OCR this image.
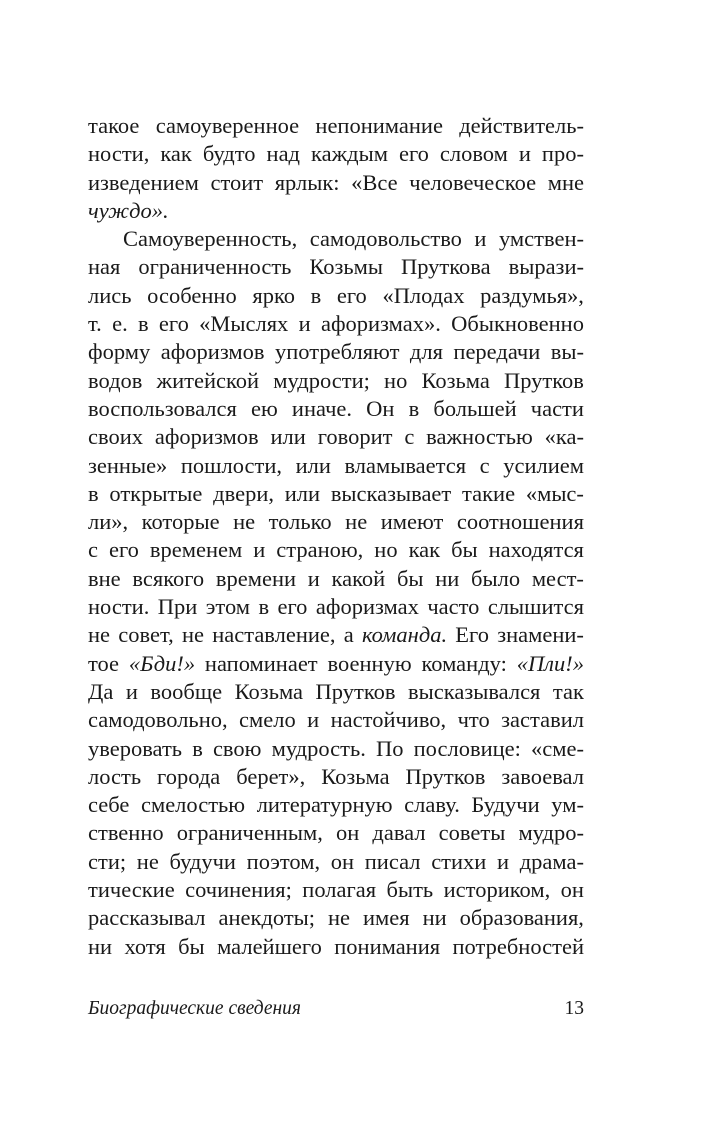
такое самоуверенное непонимание действитель-
ности, как будто над каждым его словом и про-
изведением стоит ярлык: «Все человеческое мне
чуждо».
Самоуверенность, самодовольство и умствен-
ная ограниченность Козьмы Пруткова вырази-
лись особенно ярко в его «Плодах раздумья»,
т. е. в его «Мыслях и афоризмах». Обыкновенно
форму афоризмов употребляют для передачи вы-
водов житейской мудрости; но Козьма Прутков
воспользовался ею иначе. Он в большей части
своих афоризмов или говорит с важностью «ка-
зенные» пошлости, или вламывается с усилием
в открытые двери, или высказывает такие «мыс-
ли», которые не только не имеют соотношения
с его временем и страною, но как бы находятся
вне всякого времени и какой бы ни было мест-
ности. При этом в его афоризмах часто слышится
не совет, не наставление, а команда. Его знамени-
тое «Бди!» напоминает военную команду: «Пли!»
Да и вообще Козьма Прутков высказывался так
самодовольно, смело и настойчиво, что заставил
уверовать в свою мудрость. По пословице: «сме-
лость города берет», Козьма Прутков завоевал
себе смелостью литературную славу. Будучи ум-
ственно ограниченным, он давал советы мудро-
сти; не будучи поэтом, он писал стихи и драма-
тические сочинения; полагая быть историком, он
рассказывал анекдоты; не имея ни образования,
ни хотя бы малейшего понимания потребностей
Биографические сведения	13
